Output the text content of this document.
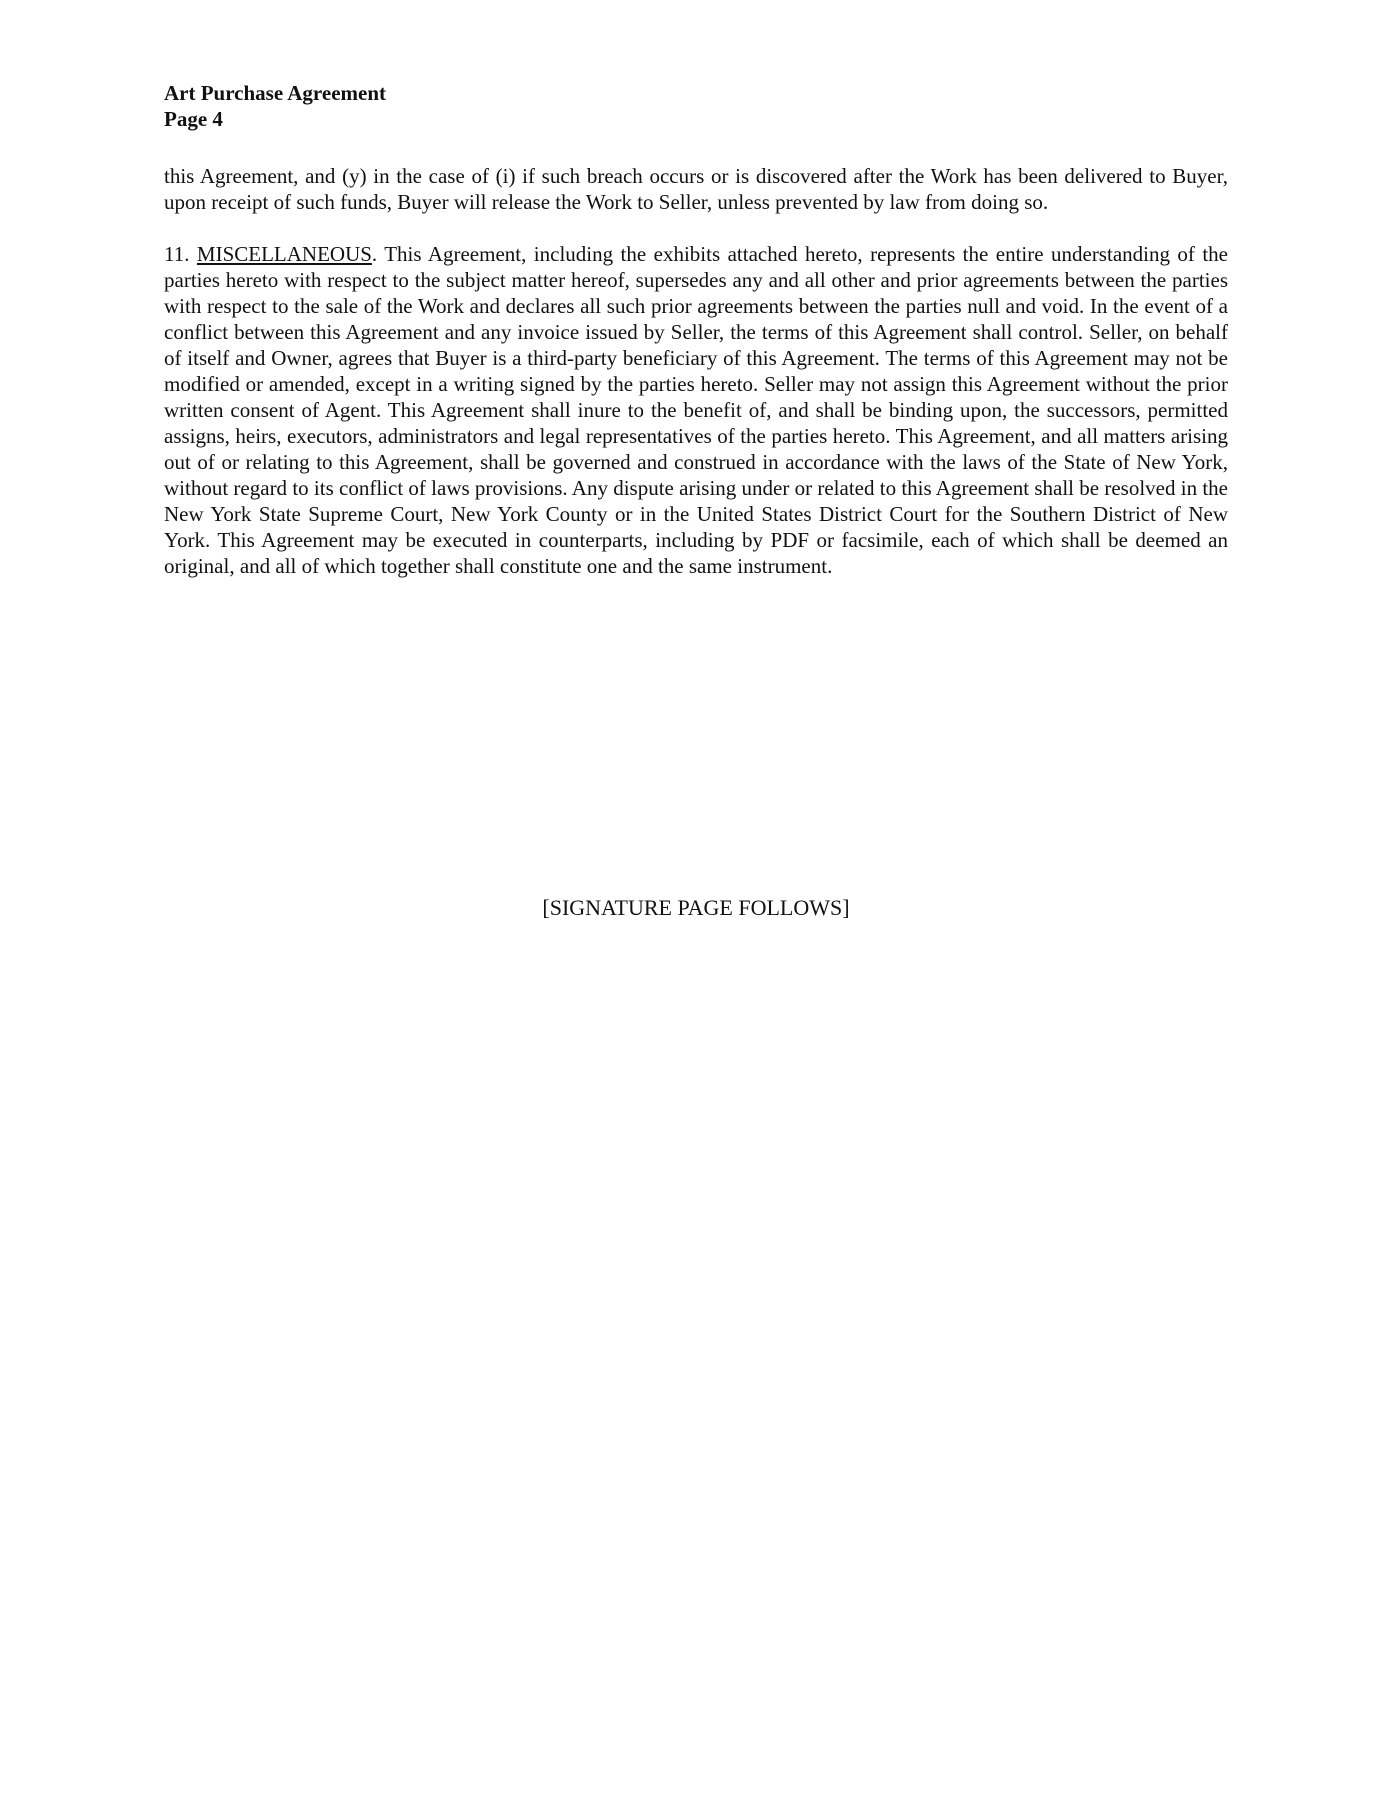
Art Purchase Agreement
Page 4

this Agreement, and (y) in the case of (i) if such breach occurs or is discovered after the Work has been delivered to Buyer, upon receipt of such funds, Buyer will release the Work to Seller, unless prevented by law from doing so.

11. MISCELLANEOUS. This Agreement, including the exhibits attached hereto, represents the entire understanding of the parties hereto with respect to the subject matter hereof, supersedes any and all other and prior agreements between the parties with respect to the sale of the Work and declares all such prior agreements between the parties null and void. In the event of a conflict between this Agreement and any invoice issued by Seller, the terms of this Agreement shall control. Seller, on behalf of itself and Owner, agrees that Buyer is a third-party beneficiary of this Agreement. The terms of this Agreement may not be modified or amended, except in a writing signed by the parties hereto. Seller may not assign this Agreement without the prior written consent of Agent. This Agreement shall inure to the benefit of, and shall be binding upon, the successors, permitted assigns, heirs, executors, administrators and legal representatives of the parties hereto. This Agreement, and all matters arising out of or relating to this Agreement, shall be governed and construed in accordance with the laws of the State of New York, without regard to its conflict of laws provisions. Any dispute arising under or related to this Agreement shall be resolved in the New York State Supreme Court, New York County or in the United States District Court for the Southern District of New York. This Agreement may be executed in counterparts, including by PDF or facsimile, each of which shall be deemed an original, and all of which together shall constitute one and the same instrument.

[SIGNATURE PAGE FOLLOWS]
